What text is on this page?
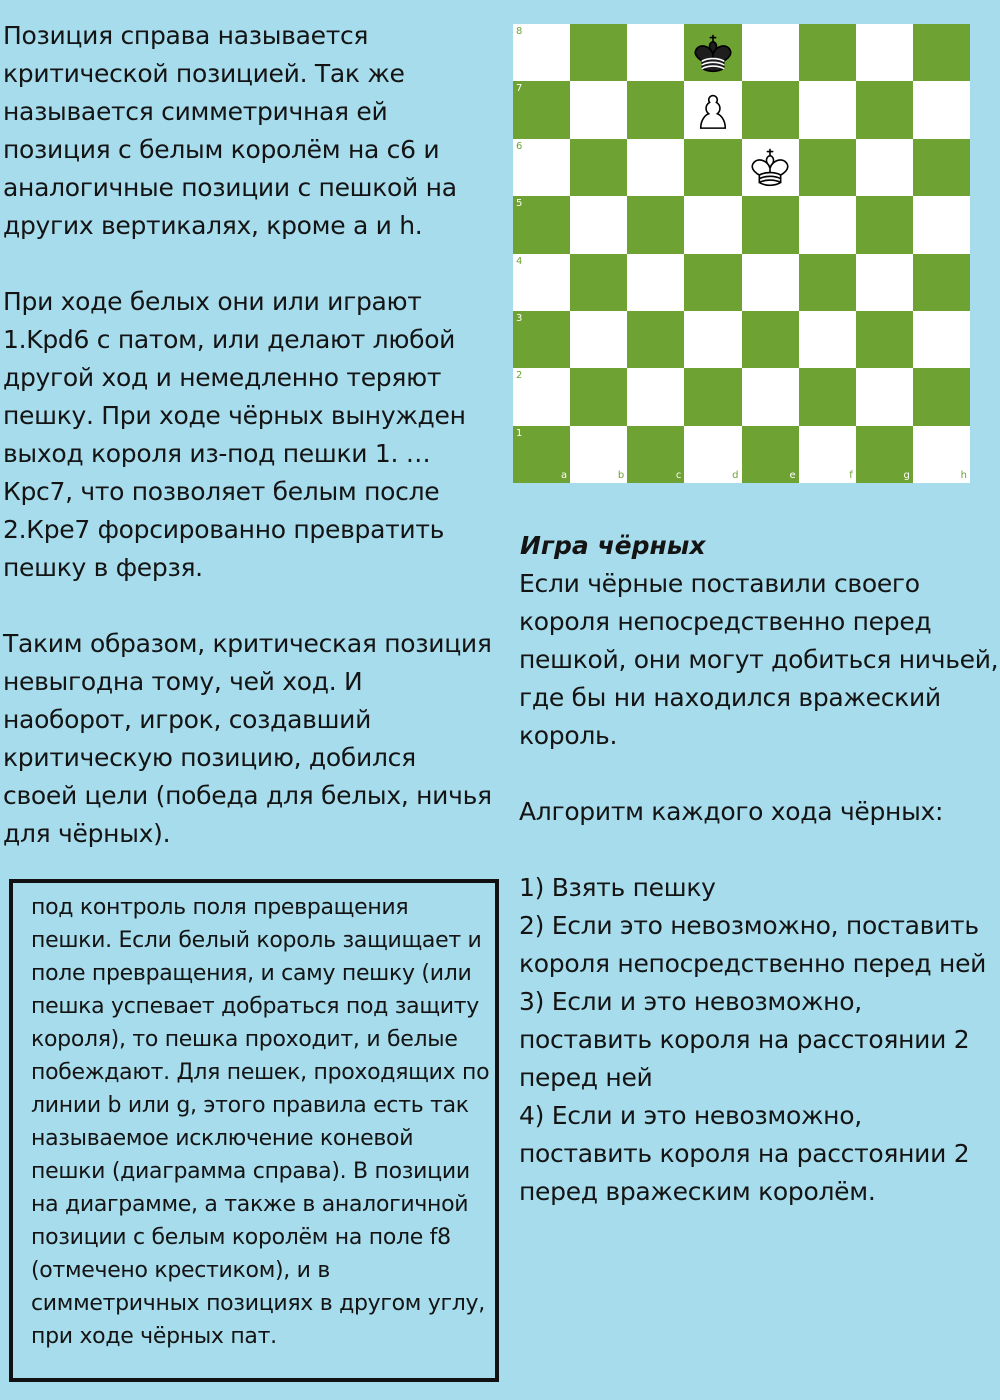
Позиция справа называется критической позицией. Так же называется симметричная ей позиция с белым королём на с6 и аналогичные позиции с пешкой на других вертикалях, кроме a и h.

При ходе белых они или играют 1.Kpd6 с патом, или делают любой другой ход и немедленно теряют пешку. При ходе чёрных вынужден выход короля из-под пешки 1. … Крс7, что позволяет белым после 2.Кре7 форсированно превратить пешку в ферзя.

Таким образом, критическая позиция невыгодна тому, чей ход. И наоборот, игрок, создавший критическую позицию, добился своей цели (победа для белых, ничья для чёрных).

под контроль поля превращения пешки. Если белый король защищает и поле превращения, и саму пешку (или пешка успевает добраться под защиту короля), то пешка проходит, и белые побеждают. Для пешек, проходящих по линии b или g, этого правила есть так называемое исключение коневой пешки (диаграмма справа). В позиции на диаграмме, а также в аналогичной позиции с белым королём на поле f8 (отмечено крестиком), и в симметричных позициях в другом углу, при ходе чёрных пат.

8
7
6
5
4
3
2
1
a	b	c	d	e	f	g	h

Игра чёрных

Если чёрные поставили своего короля непосредственно перед пешкой, они могут добиться ничьей, где бы ни находился вражеский король.

Алгоритм каждого хода чёрных:

1) Взять пешку
2) Если это невозможно, поставить короля непосредственно перед ней
3) Если и это невозможно, поставить короля на расстоянии 2 перед ней
4) Если и это невозможно, поставить короля на расстоянии 2 перед вражеским королём.
